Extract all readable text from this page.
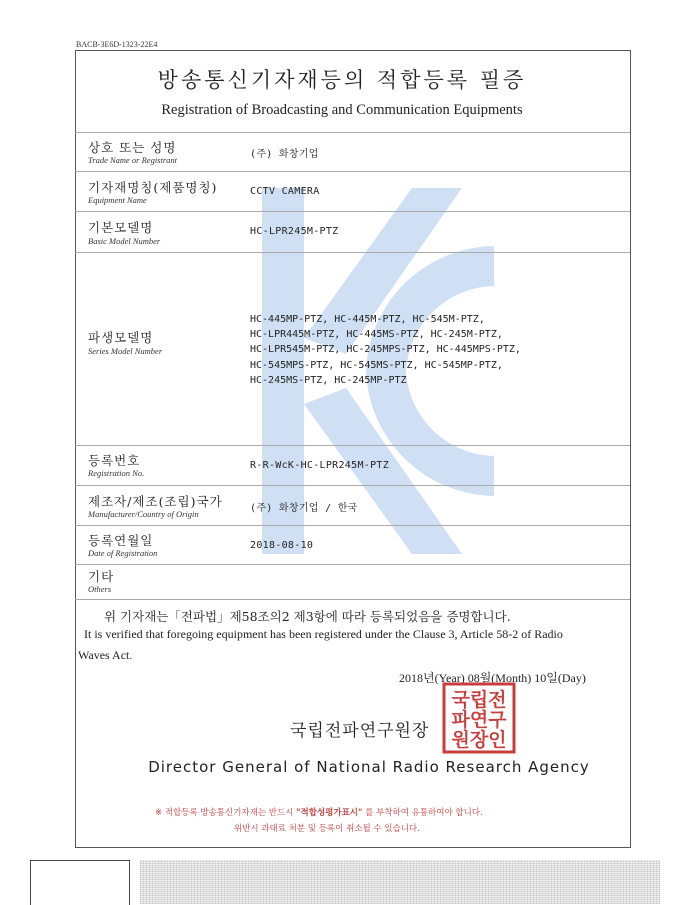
BACB-3E6D-1323-22E4
방송통신기자재등의 적합등록 필증
Registration of Broadcasting and Communication Equipments
상호 또는 성명
Trade Name or Registrant	(주) 화창기업
기자재명칭(제품명칭)
Equipment Name
CCTV CAMERA
기본모델명
Basic Model Number
HC-LPR245M-PTZ
파생모델명
Series Model Number
HC-445MP-PTZ, HC-445M-PTZ, HC-545M-PTZ,
HC-LPR445M-PTZ, HC-445MS-PTZ, HC-245M-PTZ,
HC-LPR545M-PTZ, HC-245MPS-PTZ, HC-445MPS-PTZ,
HC-545MPS-PTZ, HC-545MS-PTZ, HC-545MP-PTZ,
HC-245MS-PTZ, HC-245MP-PTZ
등록번호
Registration No.
R-R-WcK-HC-LPR245M-PTZ
제조자/제조(조립)국가
Manufacturer/Country of Origin	(주) 화창기업 / 한국
등록연월일
Date of Registration
2018-08-10
기타
Others
위 기자재는「전파법」제58조의2 제3항에 따라 등록되었음을 증명합니다.
It is verified that foregoing equipment has been registered under the Clause 3, Article 58-2 of Radio
Waves Act.
2018년(Year) 08월(Month) 10일(Day)
국립전파연구원장
국립전
파연구
원장인
Director General of National Radio Research Agency
※ 적합등록 방송통신기자재는 반드시 "적합성평가표시" 를 부착하여 유통하여야 합니다.
위반시 과태료 처분 및 등록이 취소될 수 있습니다.
